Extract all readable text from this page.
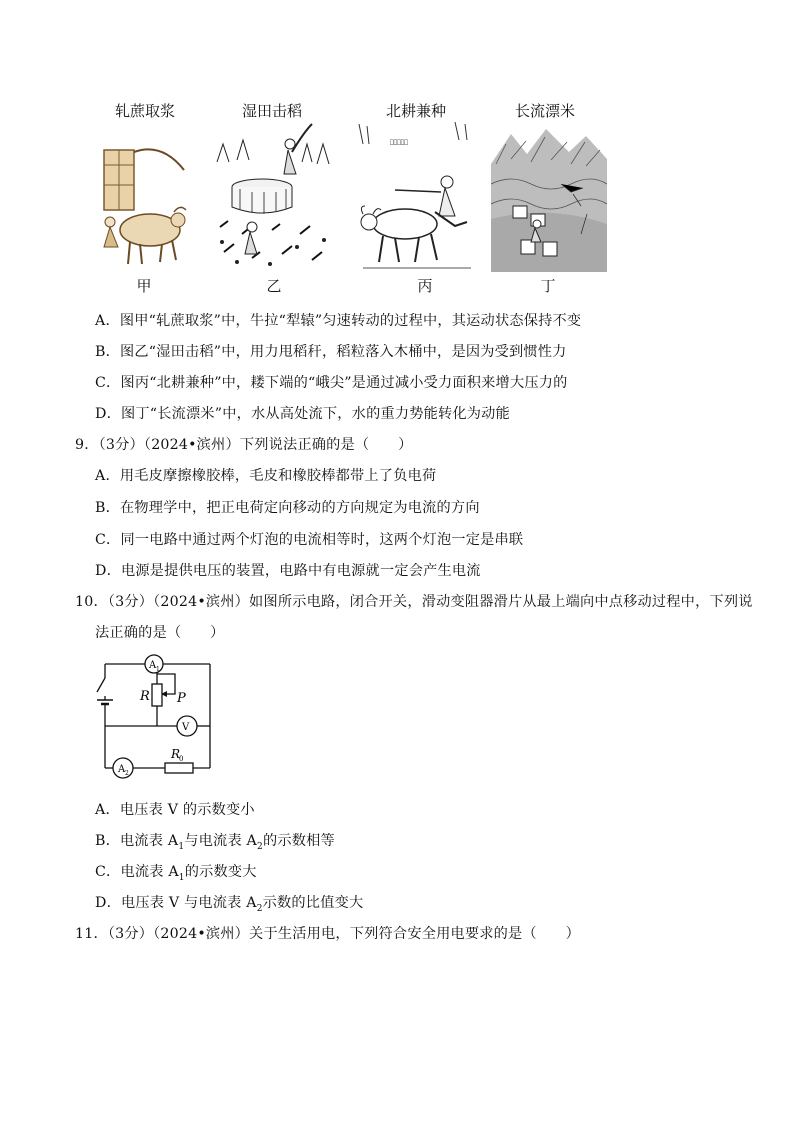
轧蔗取浆	湿田击稻	北耕兼种	长流漂米
𠎗耒失軏趾
甲	乙	丙	丁
A．图甲“轧蔗取浆”中，牛拉“犁辕”匀速转动的过程中，其运动状态保持不变
B．图乙“湿田击稻”中，用力甩稻秆，稻粒落入木桶中，是因为受到惯性力
C．图丙“北耕兼种”中，耧下端的“峨尖”是通过减小受力面积来增大压力的
D．图丁“长流漂米”中，水从高处流下，水的重力势能转化为动能
9．（3分）（2024•滨州）下列说法正确的是（　　）
A．用毛皮摩擦橡胶棒，毛皮和橡胶棒都带上了负电荷
B．在物理学中，把正电荷定向移动的方向规定为电流的方向
C．同一电路中通过两个灯泡的电流相等时，这两个灯泡一定是串联
D．电源是提供电压的装置，电路中有电源就一定会产生电流
10．（3分）（2024•滨州）如图所示电路，闭合开关，滑动变阻器滑片从最上端向中点移动过程中，下列说
法正确的是（　　）
A 1
V
A 2
R P
R
0
A．电压表 V 的示数变小
B．电流表 $A_1$与电流表 $A_2$的示数相等
C．电流表 $A_1$的示数变大
D．电压表 V 与电流表 $A_2$示数的比值变大
11．（3分）（2024•滨州）关于生活用电，下列符合安全用电要求的是（　　）
